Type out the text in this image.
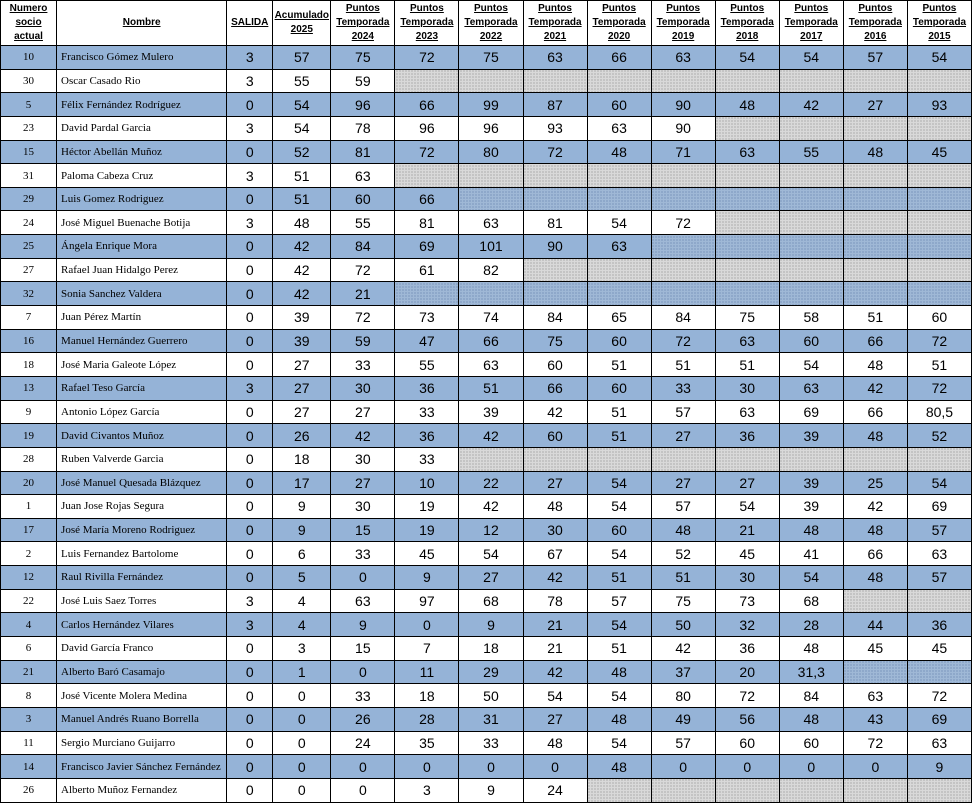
Numero socio actual	Nombre	SALIDA	Acumulado 2025	Puntos Temporada 2024	Puntos Temporada 2023	Puntos Temporada 2022	Puntos Temporada 2021	Puntos Temporada 2020	Puntos Temporada 2019	Puntos Temporada 2018	Puntos Temporada 2017	Puntos Temporada 2016	Puntos Temporada 2015
10	Francisco Gómez Mulero	3	57	75	72	75	63	66	63	54	54	57	54
30	Oscar Casado Rio	3	55	59									
5	Félix Fernández Rodríguez	0	54	96	66	99	87	60	90	48	42	27	93
23	David Pardal Garcia	3	54	78	96	96	93	63	90				
15	Héctor Abellán Muñoz	0	52	81	72	80	72	48	71	63	55	48	45
31	Paloma Cabeza Cruz	3	51	63									
29	Luis Gomez Rodriguez	0	51	60	66								
24	José Miguel Buenache Botija	3	48	55	81	63	81	54	72				
25	Ángela Enrique Mora	0	42	84	69	101	90	63					
27	Rafael Juan Hidalgo Perez	0	42	72	61	82							
32	Sonia Sanchez Valdera	0	42	21									
7	Juan Pérez Martín	0	39	72	73	74	84	65	84	75	58	51	60
16	Manuel Hernández Guerrero	0	39	59	47	66	75	60	72	63	60	66	72
18	José Maria Galeote López	0	27	33	55	63	60	51	51	51	54	48	51
13	Rafael Teso García	3	27	30	36	51	66	60	33	30	63	42	72
9	Antonio López García	0	27	27	33	39	42	51	57	63	69	66	80,5
19	David Civantos Muñoz	0	26	42	36	42	60	51	27	36	39	48	52
28	Ruben Valverde Garcia	0	18	30	33								
20	José Manuel Quesada Blázquez	0	17	27	10	22	27	54	27	27	39	25	54
1	Juan Jose Rojas Segura	0	9	30	19	42	48	54	57	54	39	42	69
17	José María Moreno Rodriguez	0	9	15	19	12	30	60	48	21	48	48	57
2	Luis Fernandez Bartolome	0	6	33	45	54	67	54	52	45	41	66	63
12	Raul Rivilla Fernández	0	5	0	9	27	42	51	51	30	54	48	57
22	José Luis Saez Torres	3	4	63	97	68	78	57	75	73	68		
4	Carlos Hernández Vilares	3	4	9	0	9	21	54	50	32	28	44	36
6	David García Franco	0	3	15	7	18	21	51	42	36	48	45	45
21	Alberto Baró Casamajo	0	1	0	11	29	42	48	37	20	31,3		
8	José Vicente Molera Medina	0	0	33	18	50	54	54	80	72	84	63	72
3	Manuel Andrés Ruano Borrella	0	0	26	28	31	27	48	49	56	48	43	69
11	Sergio Murciano Guijarro	0	0	24	35	33	48	54	57	60	60	72	63
14	Francisco Javier Sánchez Fernández	0	0	0	0	0	0	48	0	0	0	0	9
26	Alberto Muñoz Fernandez	0	0	0	3	9	24						
